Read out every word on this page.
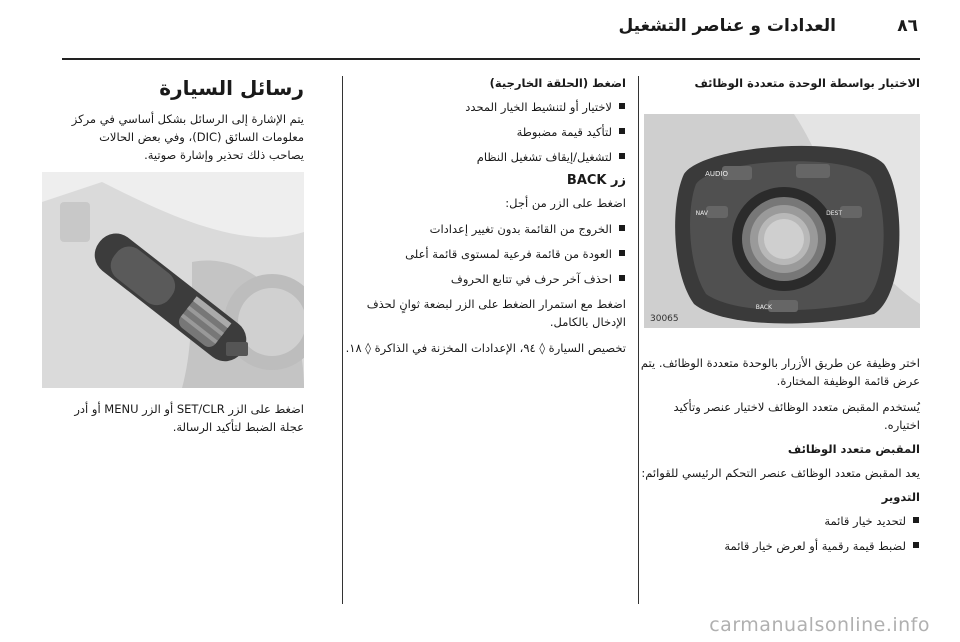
العدادات و عناصر التشغيل	٨٦
الاختيار بواسطة الوحدة متعددة الوظائف
AUDIO
NAV	DEST
BACK
30065

اختر وظيفة عن طريق الأزرار بالوحدة متعددة الوظائف. يتم عرض قائمة الوظيفة المختارة.

يُستخدم المقبض متعدد الوظائف لاختيار عنصر وتأكيد اختياره.

المقبض متعدد الوظائف

يعد المقبض متعدد الوظائف عنصر التحكم الرئيسي للقوائم:

التدوير
لتحديد خيار قائمة
لضبط قيمة رقمية أو لعرض خيار قائمة
اضغط (الحلقة الخارجية)
لاختيار أو لتنشيط الخيار المحدد
لتأكيد قيمة مضبوطة
لتشغيل/إيقاف تشغيل النظام
زر BACK

اضغط على الزر من أجل:

الخروج من القائمة بدون تغيير إعدادات
العودة من قائمة فرعية لمستوى قائمة أعلى
احذف آخر حرف في تتابع الحروف

اضغط مع استمرار الضغط على الزر لبضعة ثوانٍ لحذف الإدخال بالكامل.

تخصيص السيارة ◊ ٩٤، الإعدادات المخزنة في الذاكرة ◊ ١٨.

رسائل السيارة

يتم الإشارة إلى الرسائل بشكل أساسي في مركز معلومات السائق (DIC)، وفي بعض الحالات يصاحب ذلك تحذير وإشارة صوتية.

اضغط على الزر SET/CLR أو الزر MENU أو أدر عجلة الضبط لتأكيد الرسالة.

carmanualsonline.info
